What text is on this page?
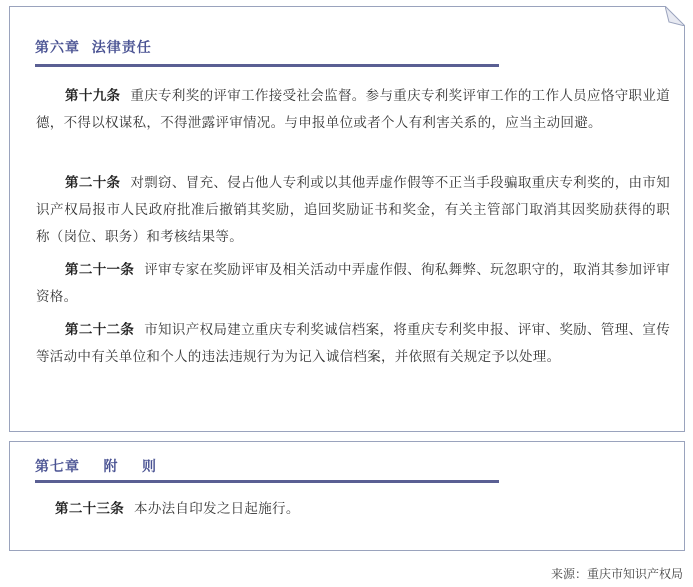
第六章  法律责任

第十九条 重庆专利奖的评审工作接受社会监督。参与重庆专利奖评审工作的工作人员应恪守职业道德，不得以权谋私，不得泄露评审情况。与申报单位或者个人有利害关系的，应当主动回避。

第二十条 对剽窃、冒充、侵占他人专利或以其他弄虚作假等不正当手段骗取重庆专利奖的，由市知识产权局报市人民政府批准后撤销其奖励，追回奖励证书和奖金，有关主管部门取消其因奖励获得的职称（岗位、职务）和考核结果等。

第二十一条 评审专家在奖励评审及相关活动中弄虚作假、徇私舞弊、玩忽职守的，取消其参加评审资格。

第二十二条 市知识产权局建立重庆专利奖诚信档案，将重庆专利奖申报、评审、奖励、管理、宣传等活动中有关单位和个人的违法违规行为为记入诚信档案，并依照有关规定予以处理。

第七章    附    则

第二十三条 本办法自印发之日起施行。

来源：重庆市知识产权局
